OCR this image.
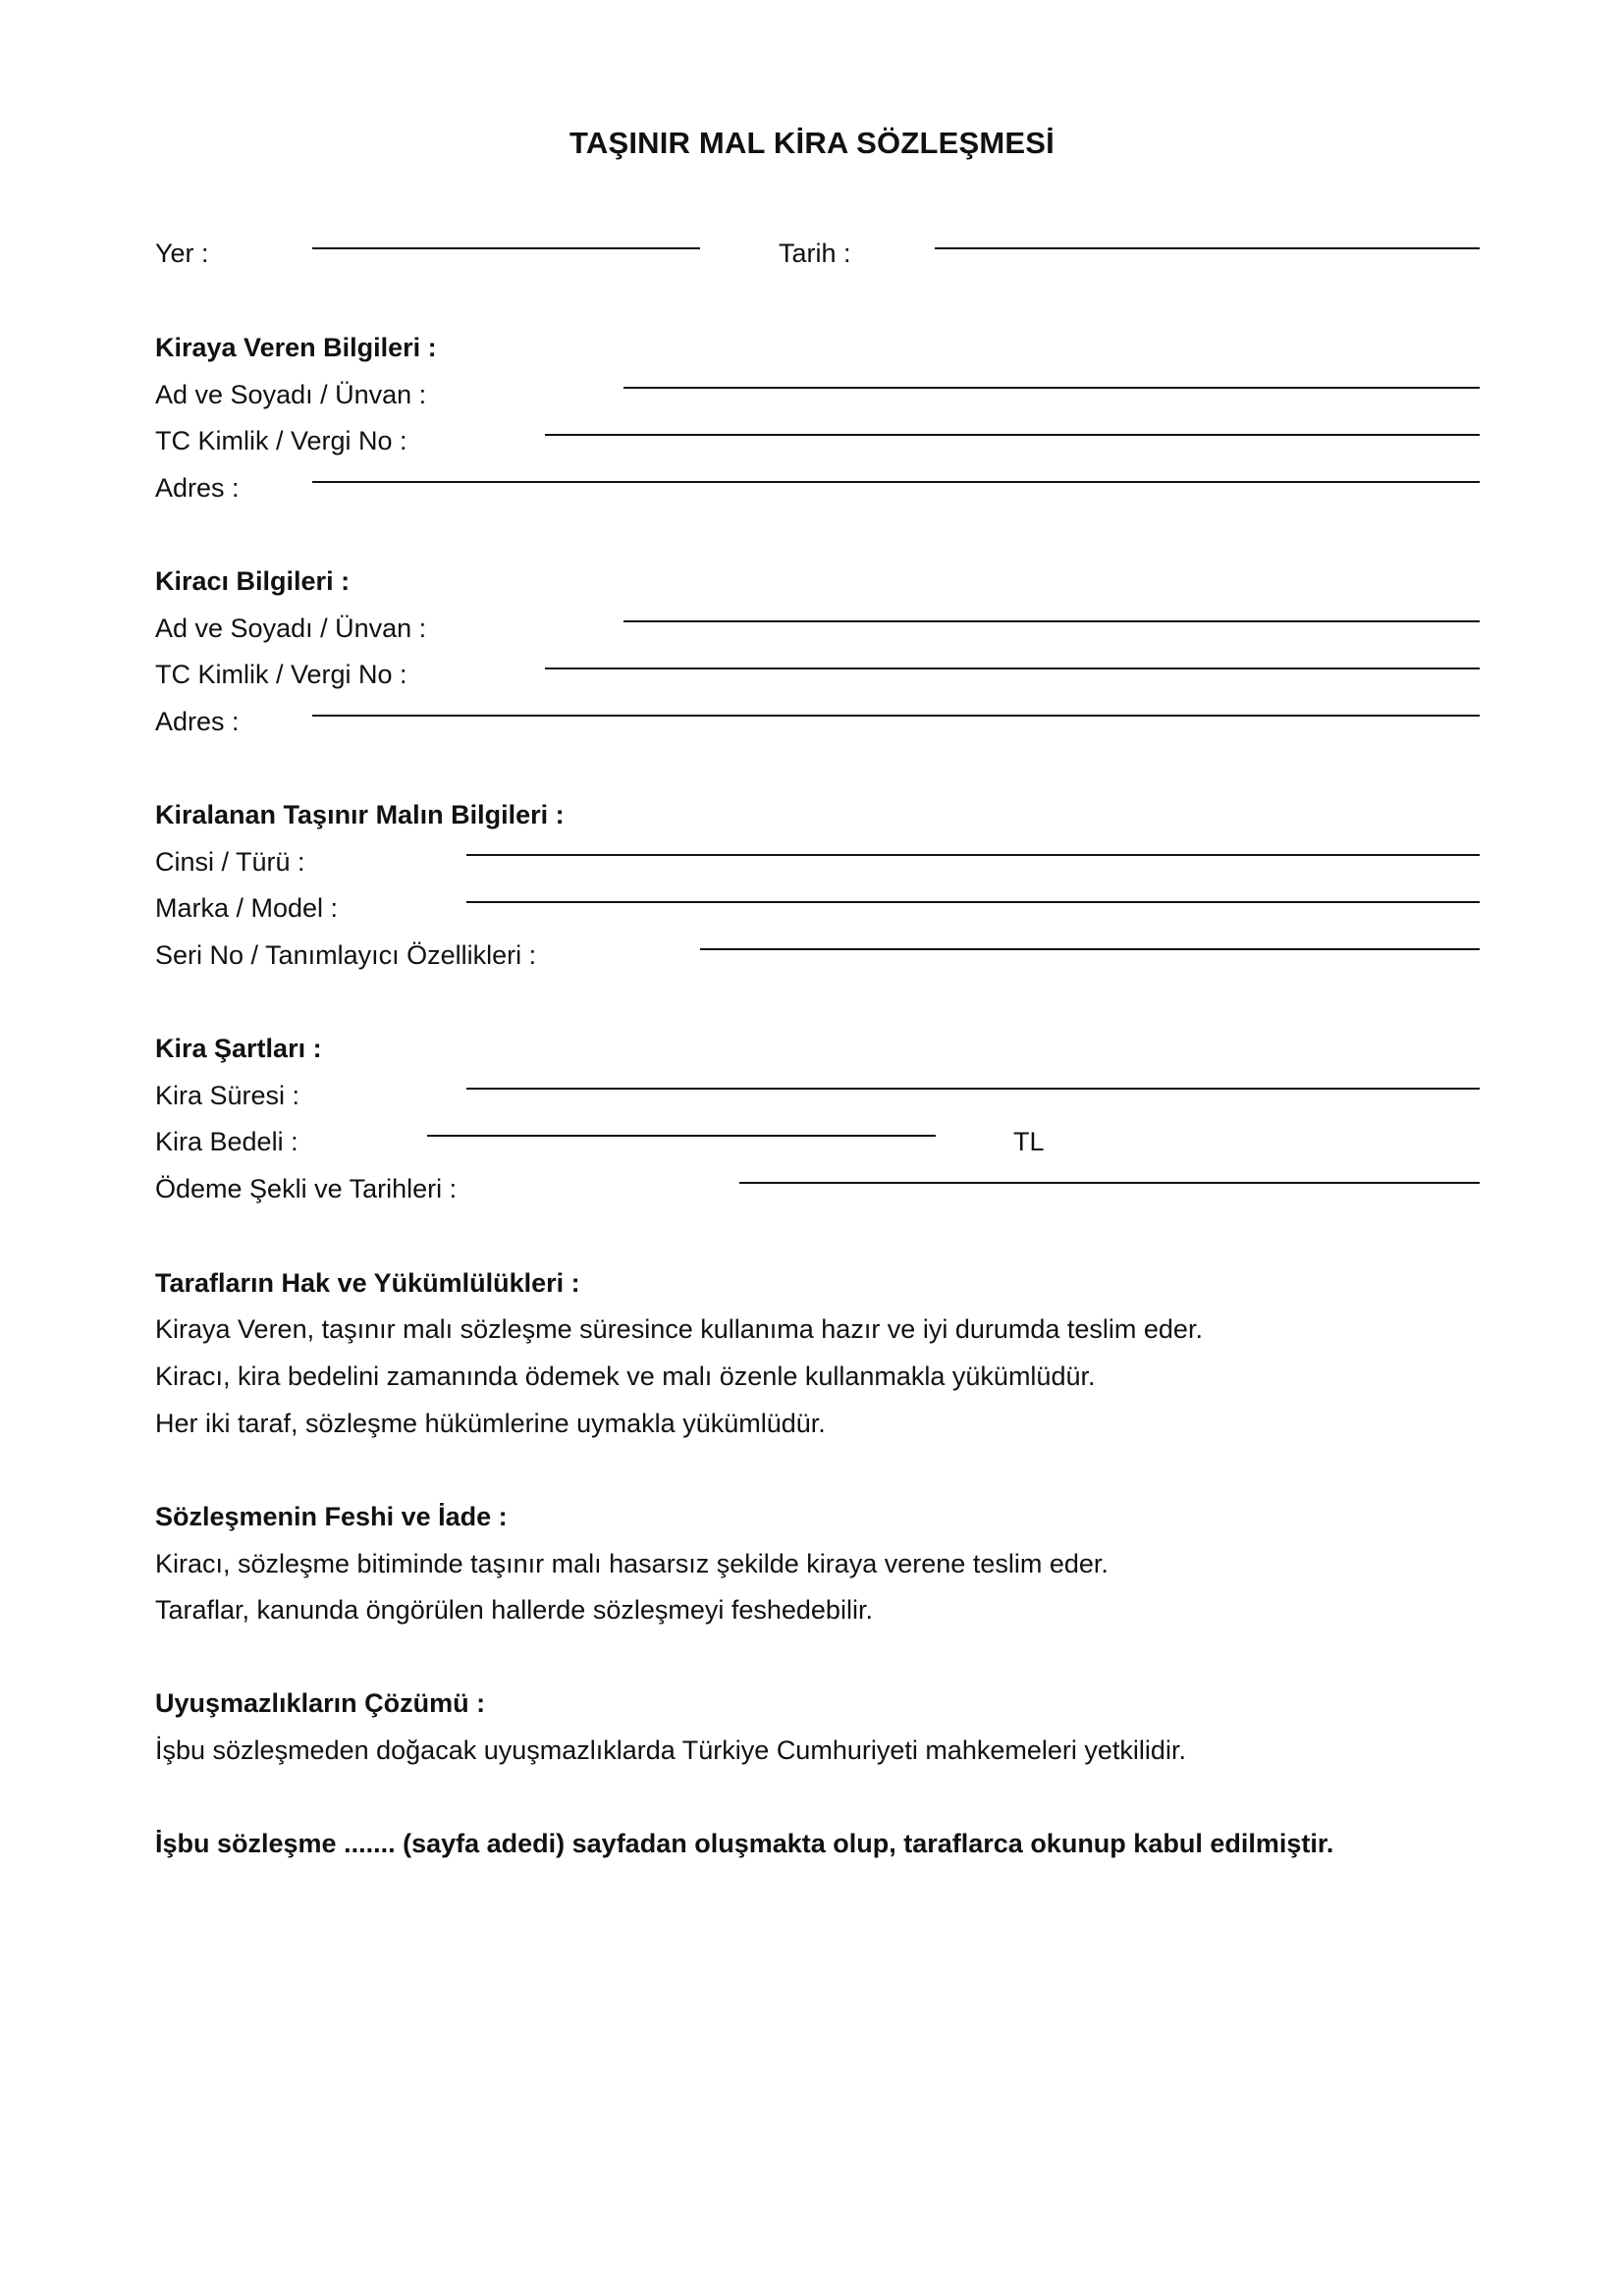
TAŞINIR MAL KİRA SÖZLEŞMESİ
Yer :	Tarih :
Kiraya Veren Bilgileri :
Ad ve Soyadı / Ünvan :
TC Kimlik / Vergi No :
Adres :
Kiracı Bilgileri :
Ad ve Soyadı / Ünvan :
TC Kimlik / Vergi No :
Adres :
Kiralanan Taşınır Malın Bilgileri :
Cinsi / Türü :
Marka / Model :
Seri No / Tanımlayıcı Özellikleri :
Kira Şartları :
Kira Süresi :
Kira Bedeli :	TL
Ödeme Şekli ve Tarihleri :
Tarafların Hak ve Yükümlülükleri :
Kiraya Veren, taşınır malı sözleşme süresince kullanıma hazır ve iyi durumda teslim eder.
Kiracı, kira bedelini zamanında ödemek ve malı özenle kullanmakla yükümlüdür.
Her iki taraf, sözleşme hükümlerine uymakla yükümlüdür.
Sözleşmenin Feshi ve İade :
Kiracı, sözleşme bitiminde taşınır malı hasarsız şekilde kiraya verene teslim eder.
Taraflar, kanunda öngörülen hallerde sözleşmeyi feshedebilir.
Uyuşmazlıkların Çözümü :
İşbu sözleşmeden doğacak uyuşmazlıklarda Türkiye Cumhuriyeti mahkemeleri yetkilidir.
İşbu sözleşme ....... (sayfa adedi) sayfadan oluşmakta olup, taraflarca okunup kabul edilmiştir.
